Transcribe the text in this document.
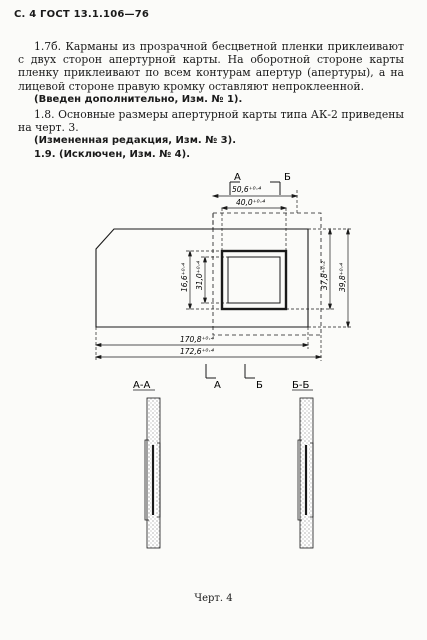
С. 4 ГОСТ 13.1.106—76

1.7б. Карманы из прозрачной бесцветной пленки приклеивают с двух сторон апертурной карты. На оборотной стороне карты пленку приклеивают по всем контурам апертур (апертуры), а на лицевой стороне правую кромку оставляют непроклеенной.

(Введен дополнительно, Изм. № 1).

1.8. Основные размеры апертурной карты типа АК-2 приведены на черт. 3.

(Измененная редакция, Изм. № 3).

1.9. (Исключен, Изм. № 4).

А	Б
50,6⁺⁰·⁴
40,0⁺⁰·⁴
16,6⁺⁰·⁴ 31,0⁺⁰·⁴	37,8⁺⁰·² 39,8⁺⁰·⁴
170,8⁺⁰·⁴
172,6⁺⁰·⁴
А	Б
А-А	Б-Б
Черт. 4
